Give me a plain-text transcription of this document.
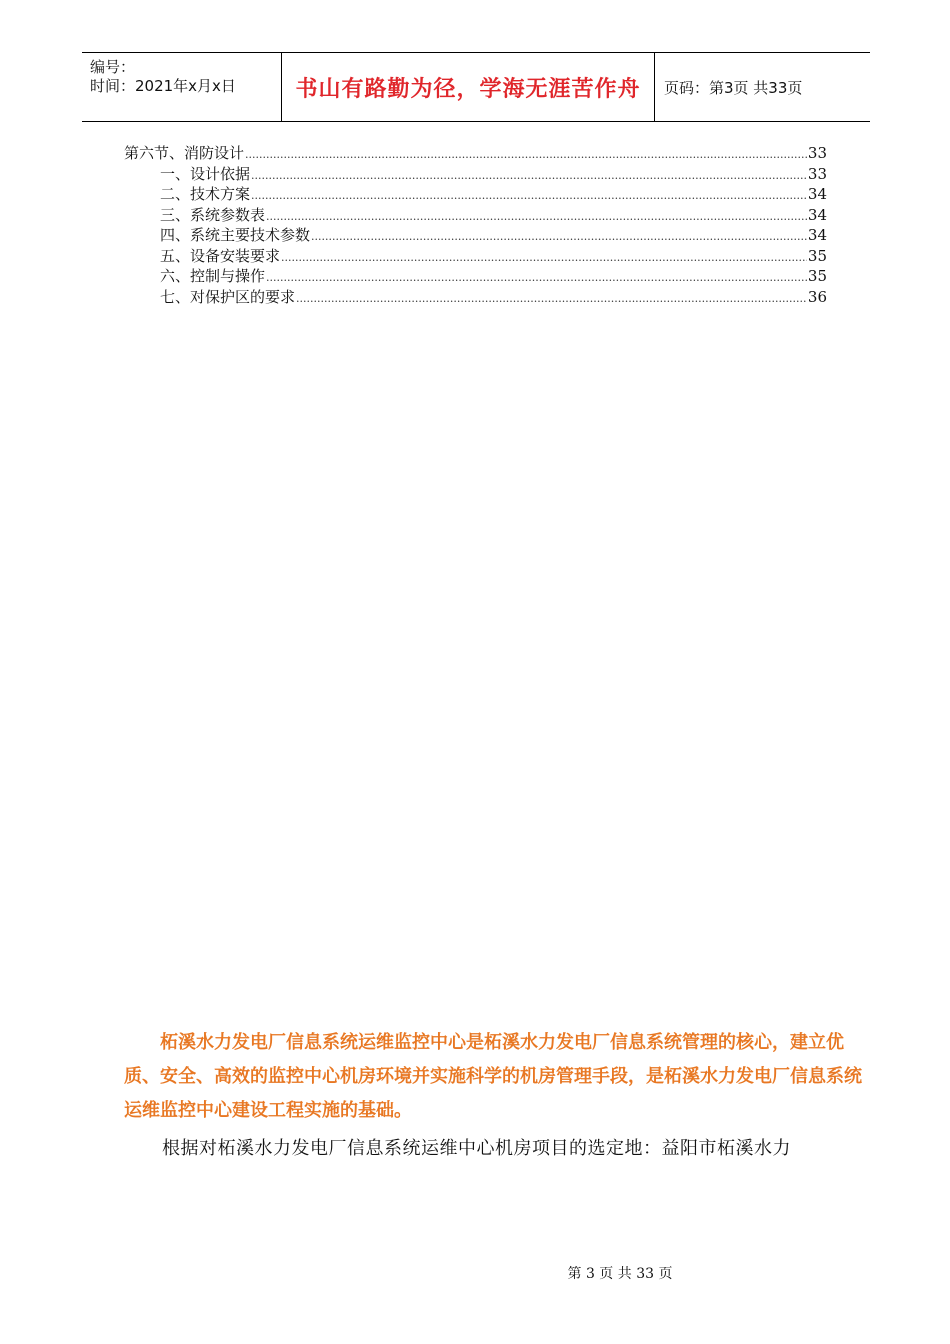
编号：
时间：2021年x月x日	书山有路勤为径，学海无涯苦作舟 页码：第3页 共33页
第六节、消防设计 .....	33
一、设计依据 .....	33
二、技术方案 .....	34
三、系统参数表 .....	34
四、系统主要技术参数 .....	34
五、设备安装要求 .....	35
六、控制与操作 .....	35
七、对保护区的要求 .....	36

柘溪水力发电厂信息系统运维监控中心是柘溪水力发电厂信息系统管理的核心，建立优质、安全、高效的监控中心机房环境并实施科学的机房管理手段，是柘溪水力发电厂信息系统运维监控中心建设工程实施的基础。

根据对柘溪水力发电厂信息系统运维中心机房项目的选定地：益阳市柘溪水力

第 3 页 共 33 页
